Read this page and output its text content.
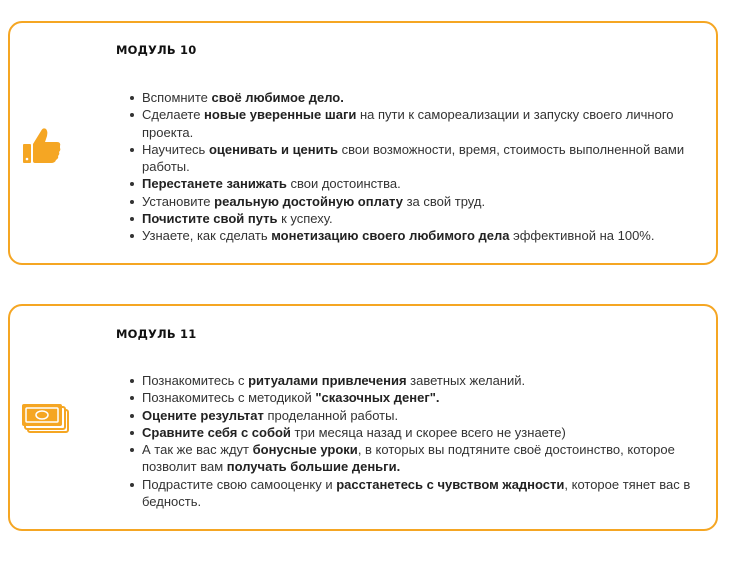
МОДУЛЬ 10
Вспомните своё любимое дело.
Сделаете новые уверенные шаги на пути к самореализации и запуску своего личного проекта.
Научитесь оценивать и ценить свои возможности, время, стоимость выполненной вами работы.
Перестанете занижать свои достоинства.
Установите реальную достойную оплату за свой труд.
Почистите свой путь к успеху.
Узнаете, как сделать монетизацию своего любимого дела эффективной на 100%.
МОДУЛЬ 11
Познакомитесь с ритуалами привлечения заветных желаний.
Познакомитесь с методикой "сказочных денег".
Оцените результат проделанной работы.
Сравните себя с собой три месяца назад и скорее всего не узнаете)
А так же вас ждут бонусные уроки, в которых вы подтяните своё достоинство, которое позволит вам получать большие деньги.
Подрастите свою самооценку и расстанетесь с чувством жадности, которое тянет вас в бедность.
